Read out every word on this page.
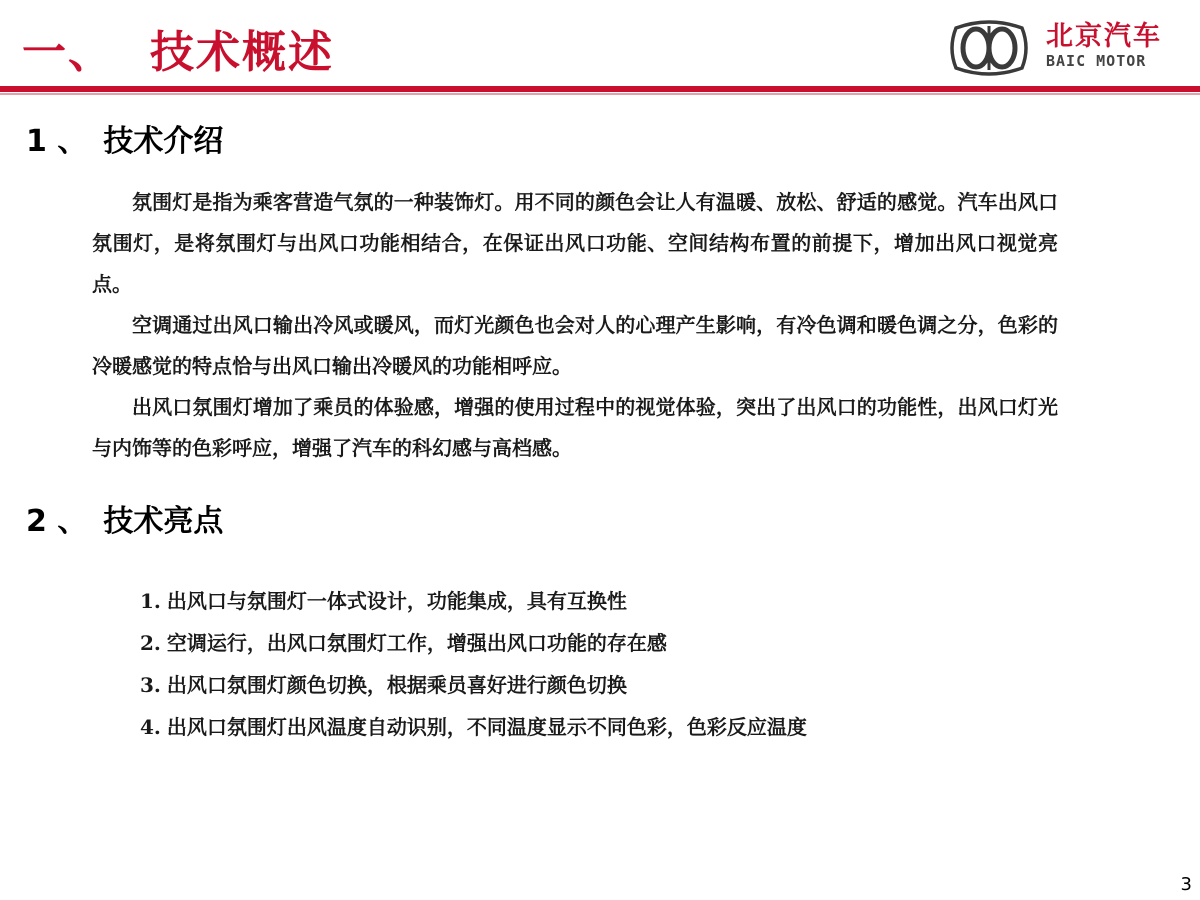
一、 技术概述	北京汽车
BAIC MOTOR
1 、 技术介绍

氛围灯是指为乘客营造气氛的一种装饰灯。用不同的颜色会让人有温暖、放松、舒适的感觉。汽车出风口氛围灯，是将氛围灯与出风口功能相结合，在保证出风口功能、空间结构布置的前提下，增加出风口视觉亮点。

空调通过出风口输出冷风或暖风，而灯光颜色也会对人的心理产生影响，有冷色调和暖色调之分，色彩的冷暖感觉的特点恰与出风口输出冷暖风的功能相呼应。

出风口氛围灯增加了乘员的体验感，增强的使用过程中的视觉体验，突出了出风口的功能性，出风口灯光与内饰等的色彩呼应，增强了汽车的科幻感与高档感。

2 、 技术亮点
1. 出风口与氛围灯一体式设计，功能集成，具有互换性
2. 空调运行，出风口氛围灯工作，增强出风口功能的存在感
3. 出风口氛围灯颜色切换，根据乘员喜好进行颜色切换
4. 出风口氛围灯出风温度自动识别，不同温度显示不同色彩，色彩反应温度
3
